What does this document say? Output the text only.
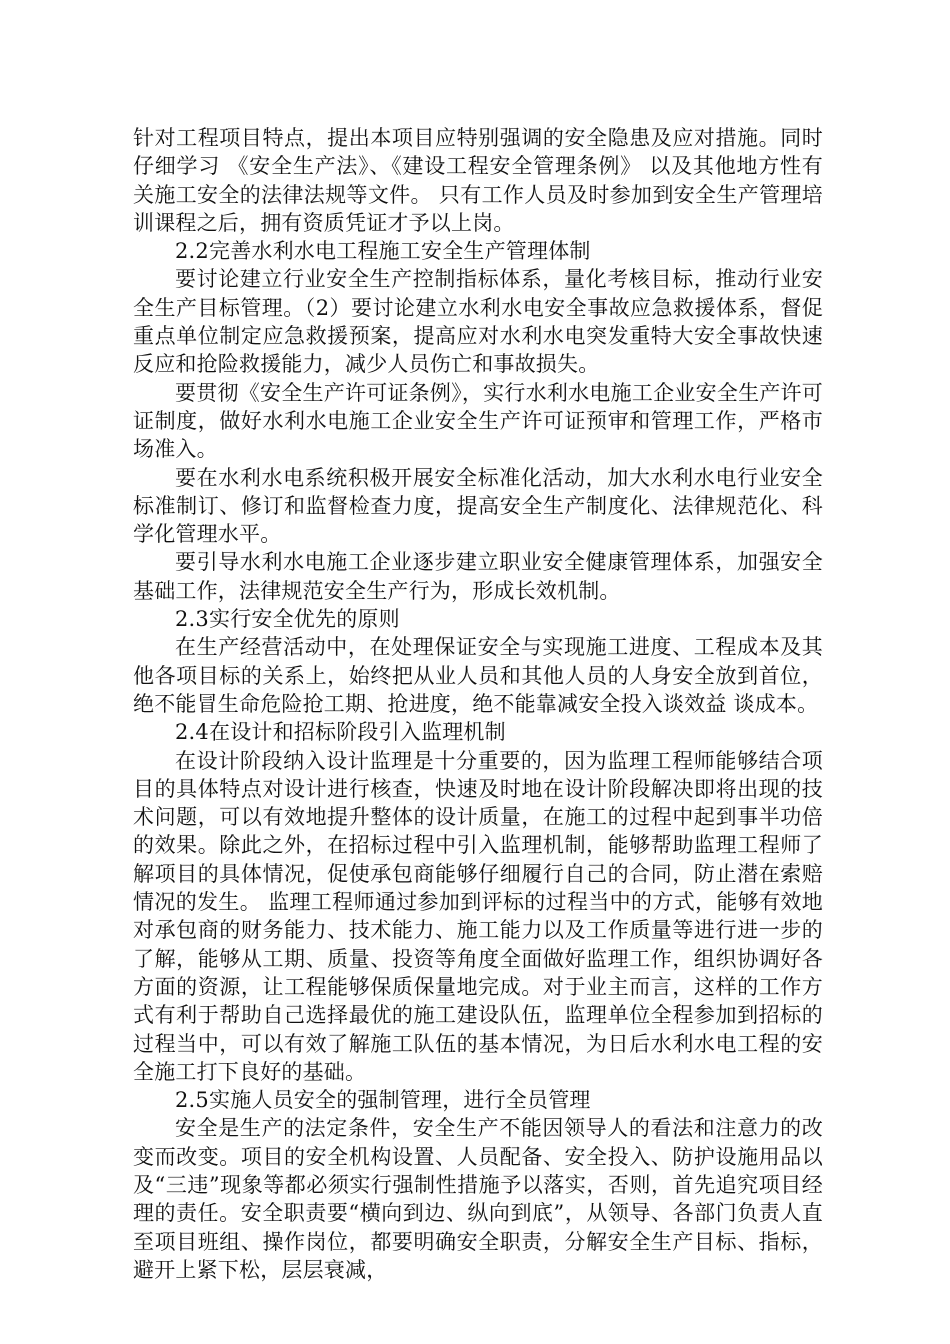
针对工程项目特点，提出本项目应特别强调的安全隐患及应对措施。同时仔细学习 《安全生产法》、《建设工程安全管理条例》 以及其他地方性有关施工安全的法律法规等文件。 只有工作人员及时参加到安全生产管理培训课程之后，拥有资质凭证才予以上岗。

2.2完善水利水电工程施工安全生产管理体制

要讨论建立行业安全生产控制指标体系，量化考核目标，推动行业安全生产目标管理。（2）要讨论建立水利水电安全事故应急救援体系，督促重点单位制定应急救援预案，提高应对水利水电突发重特大安全事故快速反应和抢险救援能力，减少人员伤亡和事故损失。

要贯彻《安全生产许可证条例》，实行水利水电施工企业安全生产许可证制度，做好水利水电施工企业安全生产许可证预审和管理工作，严格市场准入。

要在水利水电系统积极开展安全标准化活动，加大水利水电行业安全标准制订、修订和监督检查力度，提高安全生产制度化、法律规范化、科学化管理水平。

要引导水利水电施工企业逐步建立职业安全健康管理体系，加强安全基础工作，法律规范安全生产行为，形成长效机制。

2.3实行安全优先的原则

在生产经营活动中，在处理保证安全与实现施工进度、工程成本及其他各项目标的关系上，始终把从业人员和其他人员的人身安全放到首位，绝不能冒生命危险抢工期、抢进度，绝不能靠减安全投入谈效益 谈成本。

2.4在设计和招标阶段引入监理机制

在设计阶段纳入设计监理是十分重要的，因为监理工程师能够结合项目的具体特点对设计进行核查，快速及时地在设计阶段解决即将出现的技术问题，可以有效地提升整体的设计质量，在施工的过程中起到事半功倍的效果。除此之外，在招标过程中引入监理机制，能够帮助监理工程师了解项目的具体情况，促使承包商能够仔细履行自己的合同，防止潜在索赔情况的发生。 监理工程师通过参加到评标的过程当中的方式，能够有效地对承包商的财务能力、技术能力、施工能力以及工作质量等进行进一步的了解，能够从工期、质量、投资等角度全面做好监理工作，组织协调好各方面的资源，让工程能够保质保量地完成。对于业主而言，这样的工作方式有利于帮助自己选择最优的施工建设队伍，监理单位全程参加到招标的过程当中，可以有效了解施工队伍的基本情况，为日后水利水电工程的安全施工打下良好的基础。

2.5实施人员安全的强制管理，进行全员管理

安全是生产的法定条件，安全生产不能因领导人的看法和注意力的改变而改变。项目的安全机构设置、人员配备、安全投入、防护设施用品以及“三违”现象等都必须实行强制性措施予以落实，否则，首先追究项目经理的责任。安全职责要“横向到边、纵向到底”，从领导、各部门负责人直至项目班组、操作岗位，都要明确安全职责，分解安全生产目标、指标，避开上紧下松，层层衰减，
